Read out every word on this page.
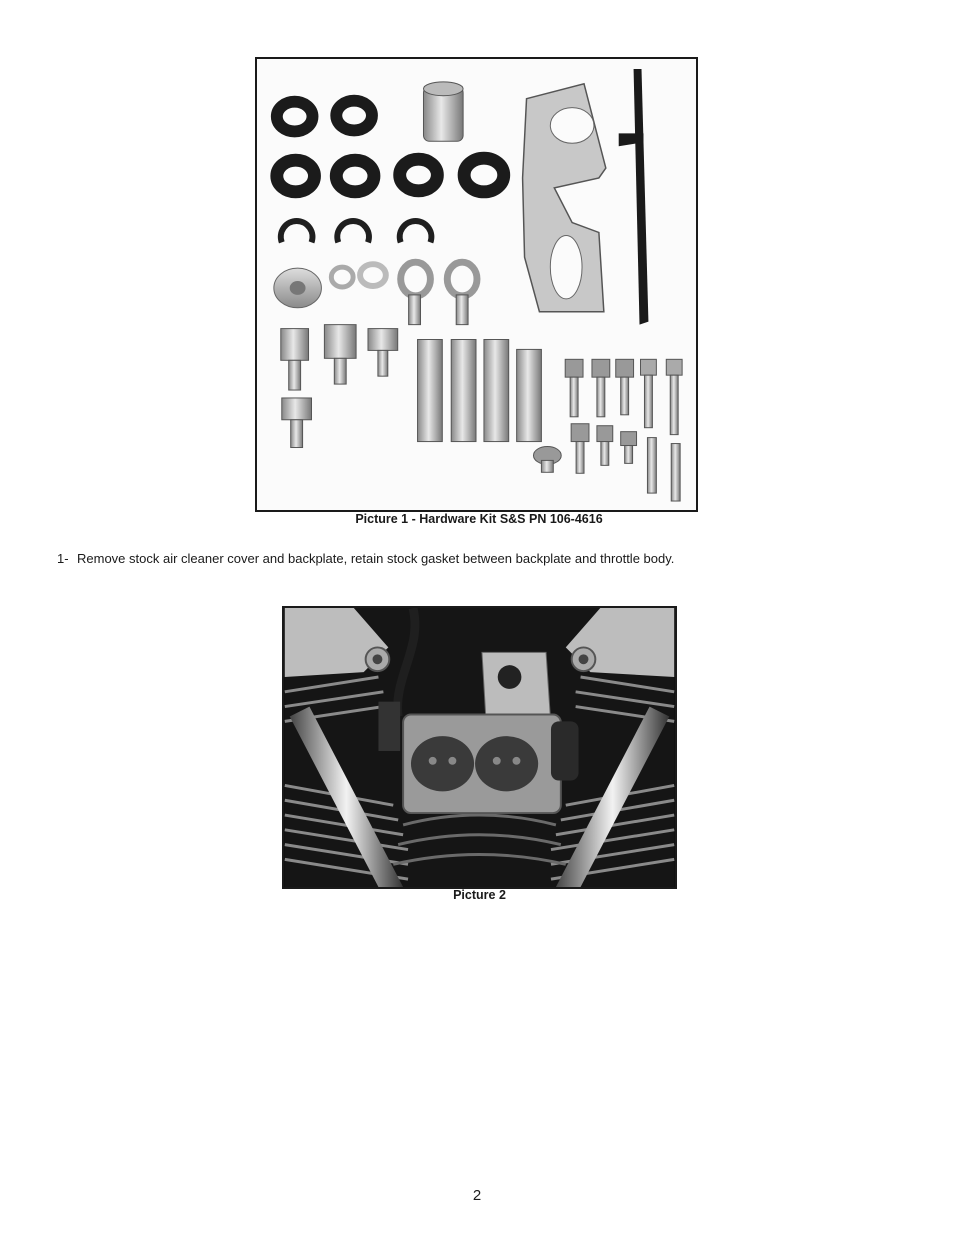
Picture 1 - Hardware Kit S&S PN 106-4616
1- Remove stock air cleaner cover and backplate, retain stock gasket between backplate and throttle body.
Picture 2
2
